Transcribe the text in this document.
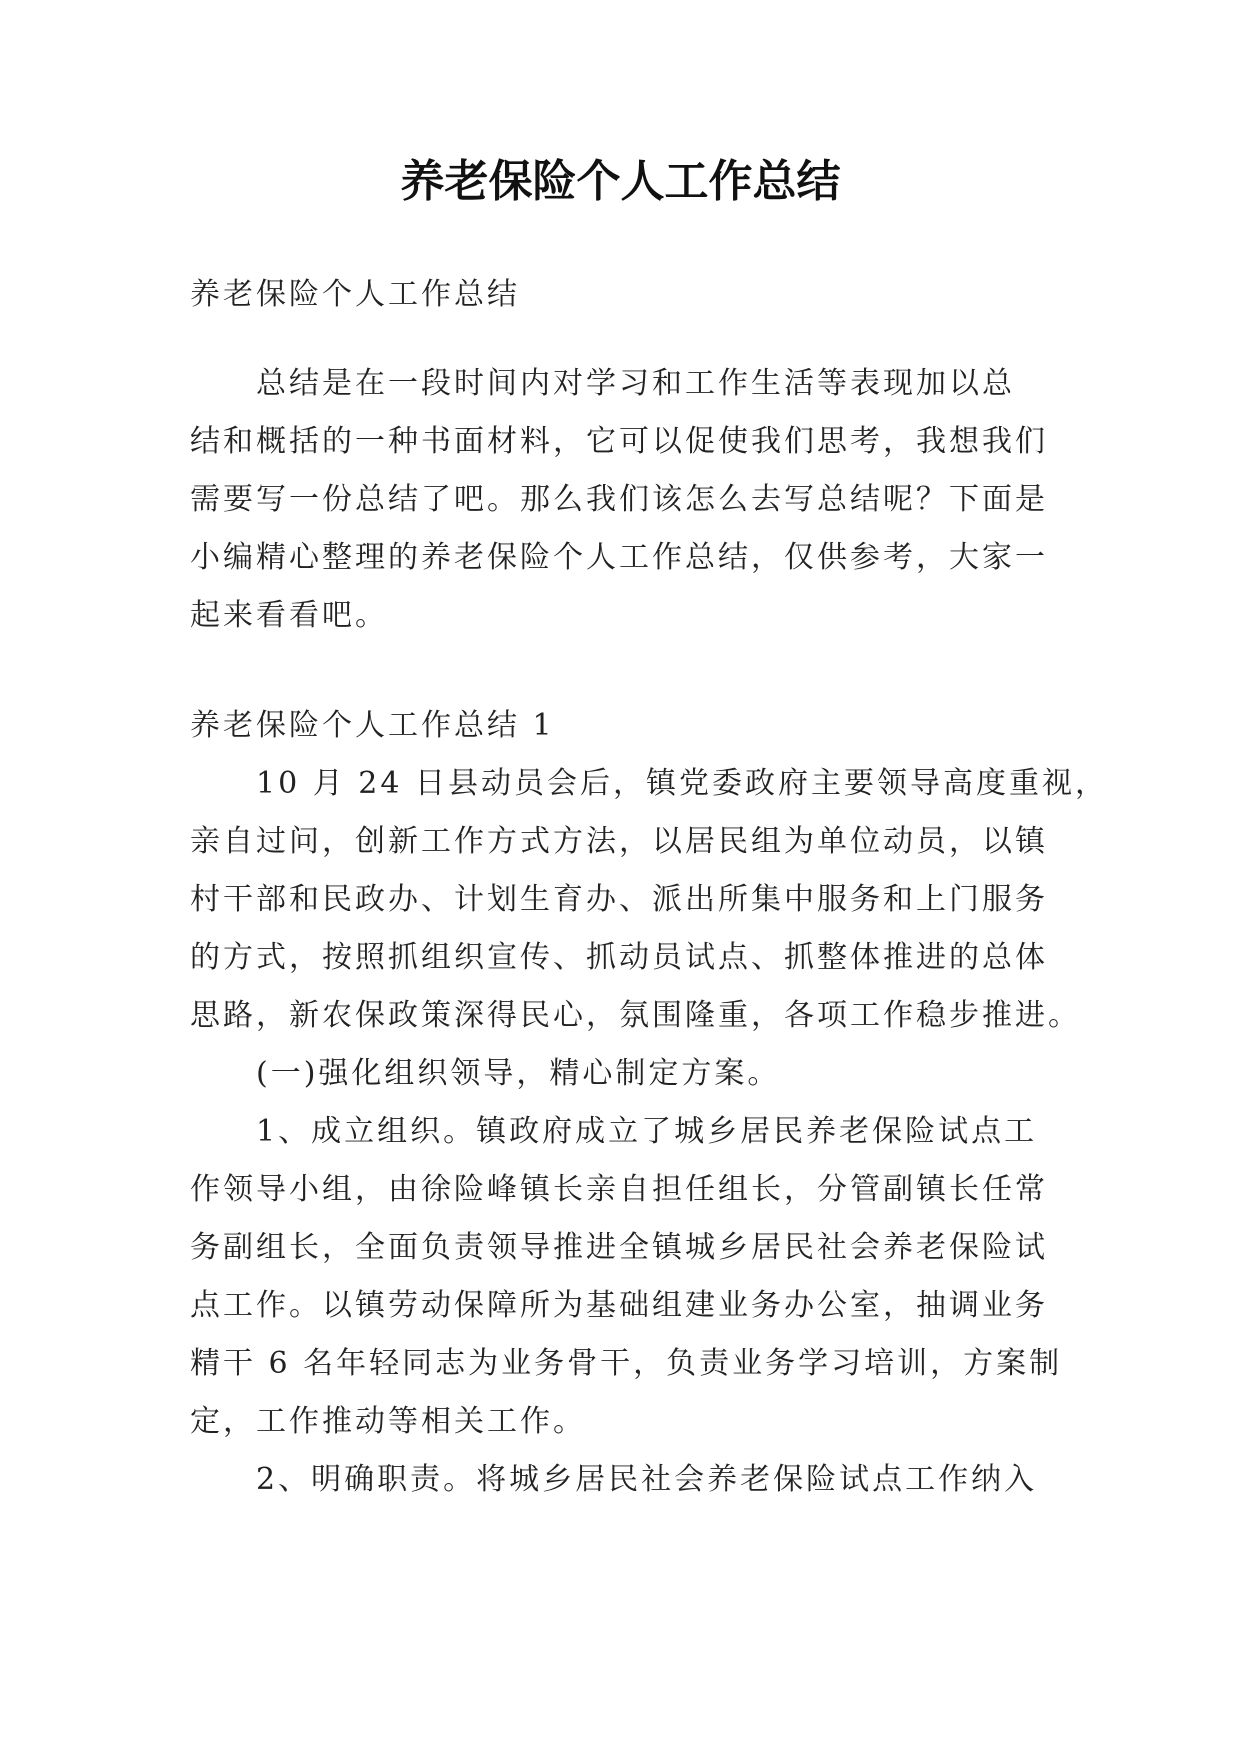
养老保险个人工作总结

养老保险个人工作总结

总结是在一段时间内对学习和工作生活等表现加以总
结和概括的一种书面材料，它可以促使我们思考，我想我们
需要写一份总结了吧。那么我们该怎么去写总结呢？下面是
小编精心整理的养老保险个人工作总结，仅供参考，大家一
起来看看吧。

养老保险个人工作总结 1

10 月 24 日县动员会后，镇党委政府主要领导高度重视，
亲自过问，创新工作方式方法，以居民组为单位动员，以镇
村干部和民政办、计划生育办、派出所集中服务和上门服务
的方式，按照抓组织宣传、抓动员试点、抓整体推进的总体
思路，新农保政策深得民心，氛围隆重，各项工作稳步推进。
(一)强化组织领导，精心制定方案。
1、成立组织。镇政府成立了城乡居民养老保险试点工
作领导小组，由徐险峰镇长亲自担任组长，分管副镇长任常
务副组长，全面负责领导推进全镇城乡居民社会养老保险试
点工作。以镇劳动保障所为基础组建业务办公室，抽调业务
精干 6 名年轻同志为业务骨干，负责业务学习培训，方案制
定，工作推动等相关工作。
2、明确职责。将城乡居民社会养老保险试点工作纳入
